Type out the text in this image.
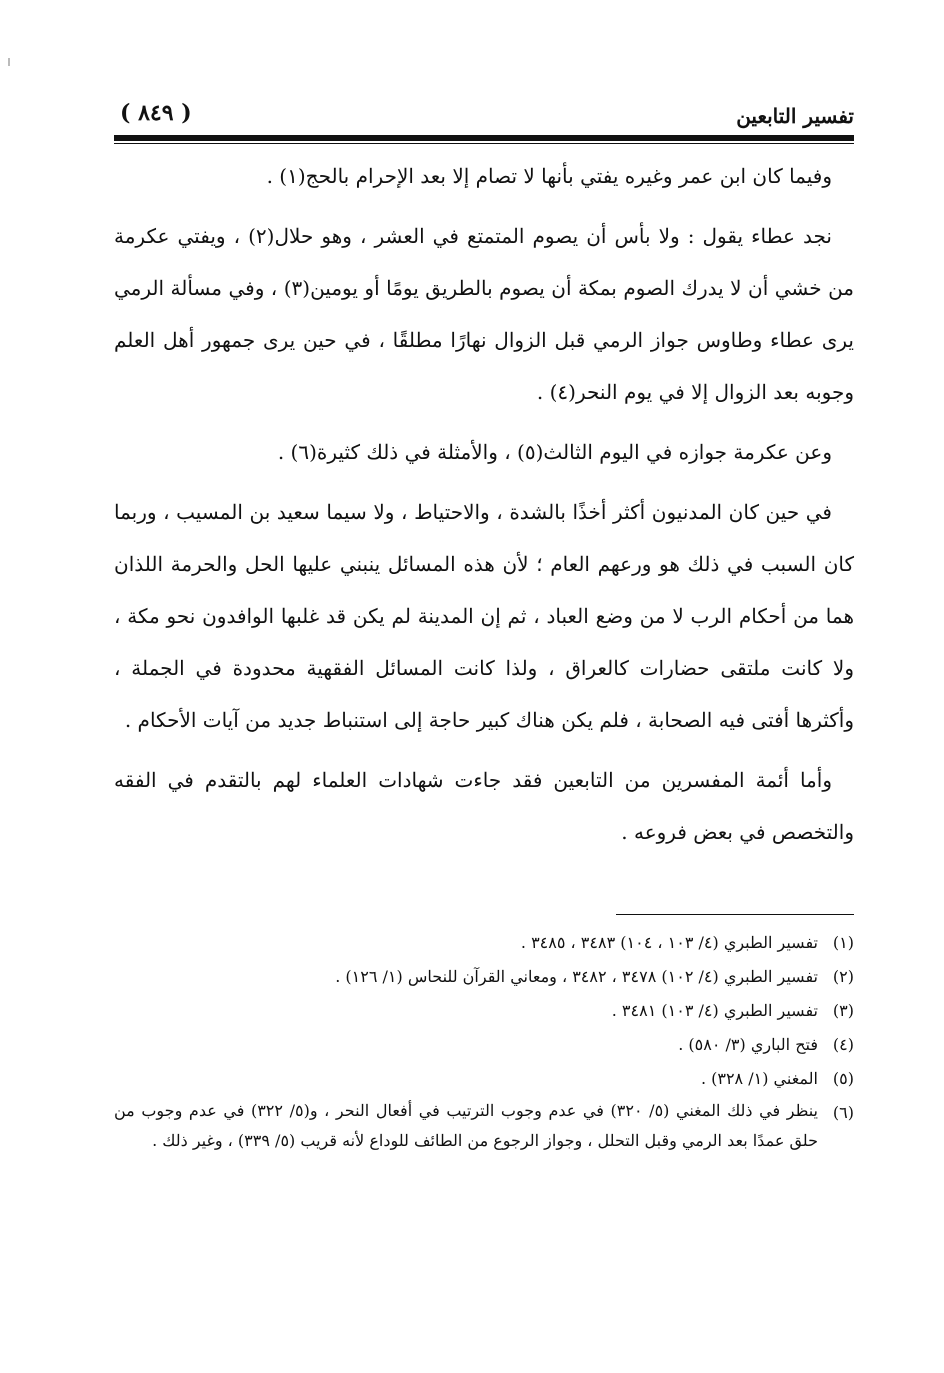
تفسير التابعين
( ٨٤٩ )

وفيما كان ابن عمر وغيره يفتي بأنها لا تصام إلا بعد الإحرام بالحج(١) .

نجد عطاء يقول : ولا بأس أن يصوم المتمتع في العشر ، وهو حلال(٢) ، ويفتي عكرمة من خشي أن لا يدرك الصوم بمكة أن يصوم بالطريق يومًا أو يومين(٣) ، وفي مسألة الرمي يرى عطاء وطاوس جواز الرمي قبل الزوال نهارًا مطلقًا ، في حين يرى جمهور أهل العلم وجوبه بعد الزوال إلا في يوم النحر(٤) .

وعن عكرمة جوازه في اليوم الثالث(٥) ، والأمثلة في ذلك كثيرة(٦) .

في حين كان المدنيون أكثر أخذًا بالشدة ، والاحتياط ، ولا سيما سعيد بن المسيب ، وربما كان السبب في ذلك هو ورعهم العام ؛ لأن هذه المسائل ينبني عليها الحل والحرمة اللذان هما من أحكام الرب لا من وضع العباد ، ثم إن المدينة لم يكن قد غلبها الوافدون نحو مكة ، ولا كانت ملتقى حضارات كالعراق ، ولذا كانت المسائل الفقهية محدودة في الجملة ، وأكثرها أفتى فيه الصحابة ، فلم يكن هناك كبير حاجة إلى استنباط جديد من آيات الأحكام .

وأما أئمة المفسرين من التابعين فقد جاءت شهادات العلماء لهم بالتقدم في الفقه والتخصص في بعض فروعه .

(١)
تفسير الطبري (٤/ ١٠٣ ، ١٠٤) ٣٤٨٣ ، ٣٤٨٥ .
(٢)
تفسير الطبري (٤/ ١٠٢) ٣٤٧٨ ، ٣٤٨٢ ، ومعاني القرآن للنحاس (١/ ١٢٦) .
(٣)
تفسير الطبري (٤/ ١٠٣) ٣٤٨١ .
(٤)
فتح الباري (٣/ ٥٨٠) .
(٥)
المغني (١/ ٣٢٨) .
(٦)
ينظر في ذلك المغني (٥/ ٣٢٠) في عدم وجوب الترتيب في أفعال النحر ، و(٥/ ٣٢٢) في عدم وجوب من حلق عمدًا بعد الرمي وقبل التحلل ، وجواز الرجوع من الطائف للوداع لأنه قريب (٥/ ٣٣٩) ، وغير ذلك .
